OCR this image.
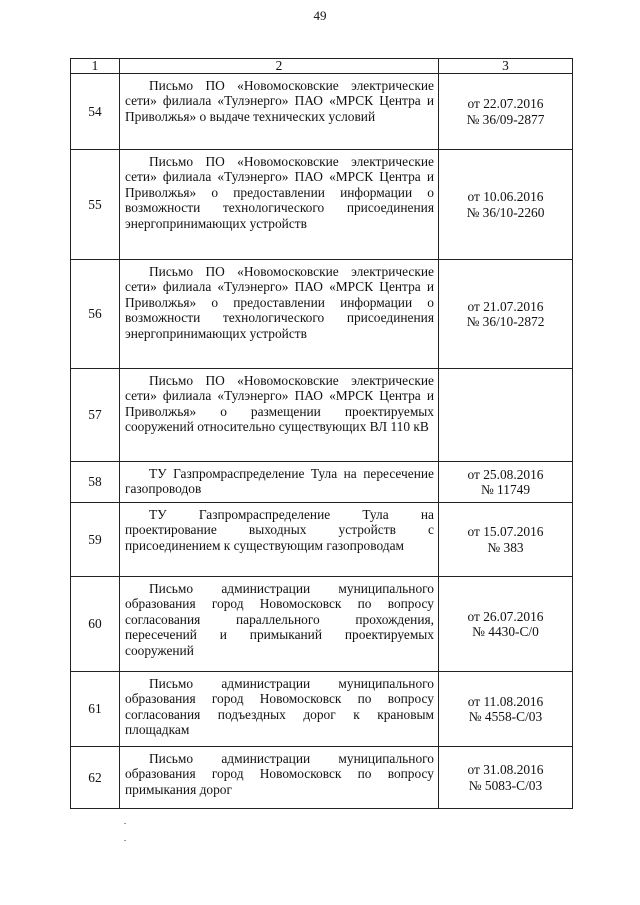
49
1	2	3
54	Письмо ПО «Новомосковские электрические сети» филиала «Тулэнерго» ПАО «МРСК Центра и Приволжья» о выдаче технических условий	от 22.07.2016
№ 36/09-2877

55	Письмо ПО «Новомосковские электрические сети» филиала «Тулэнерго» ПАО «МРСК Центра и Приволжья» о предоставлении информации о возможности технологического присоединения энергопринимающих устройств	от 10.06.2016
№ 36/10-2260

56	Письмо ПО «Новомосковские электрические сети» филиала «Тулэнерго» ПАО «МРСК Центра и Приволжья» о предоставлении информации о возможности технологического присоединения энергопринимающих устройств	от 21.07.2016
№ 36/10-2872

57	Письмо ПО «Новомосковские электрические сети» филиала «Тулэнерго» ПАО «МРСК Центра и Приволжья» о размещении проектируемых сооружений относительно существующих ВЛ 110 кВ	

58	ТУ Газпромраспределение Тула на пересечение газопроводов	от 25.08.2016
№ 11749

59	ТУ Газпромраспределение Тула на проектирование выходных устройств с присоединением к существующим газопроводам	от 15.07.2016
№ 383

60	Письмо администрации муниципального образования город Новомосковск по вопросу согласования параллельного прохождения, пересечений и примыканий проектируемых сооружений	от 26.07.2016
№ 4430-С/0

61	Письмо администрации муниципального образования город Новомосковск по вопросу согласования подъездных дорог к крановым площадкам	от 11.08.2016
№ 4558-С/03

62	Письмо администрации муниципального образования город Новомосковск по вопросу примыкания дорог	от 31.08.2016
№ 5083-С/03
